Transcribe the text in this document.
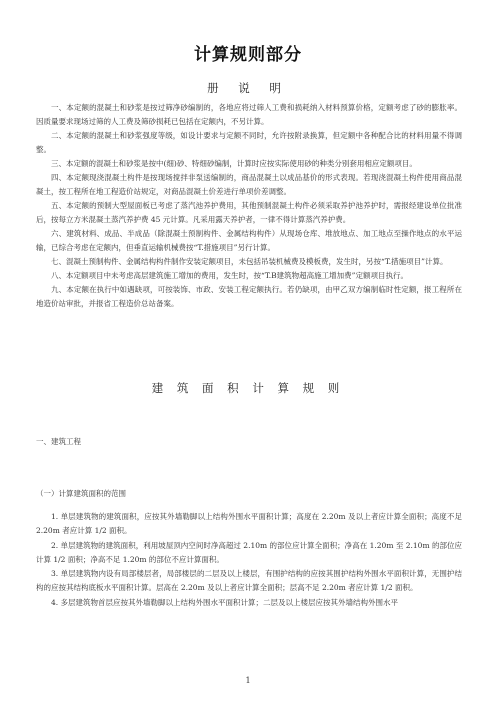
计算规则部分
册 说 明

一、本定额的混凝土和砂浆是按过筛净砂编制的，各地应将过筛人工费和损耗纳入材料预算价格，定额考虑了砂的膨胀率。因质量要求现场过筛的人工费及筛砂损耗已包括在定额内，不另计算。

二、本定额的混凝土和砂浆强度等级，如设计要求与定额不同时，允许按附录换算，但定额中各种配合比的材料用量不得调整。

三、本定额的混凝土和砂浆是按中(细)砂、特细砂编制，计算时应按实际使用砂的种类分别套用相应定额项目。

四、本定额现浇混凝土构件是按现场搅拌非泵送编制的，商品混凝土以成品基价的形式表现。若现浇混凝土构件使用商品混凝土，按工程所在地工程造价站规定，对商品混凝土价差进行单项价差调整。

五、本定额的预制大型屋面板已考虑了蒸汽池养护费用，其他预制混凝土构件必须采取养护池养护时，需报经建设单位批准后，按每立方米混凝土蒸汽养护费 45 元计算。凡采用露天养护者，一律不得计算蒸汽养护费。

六、建筑材料、成品、半成品（除混凝土预制构件、金属结构构件）从现场仓库、堆放地点、加工地点至操作地点的水平运输，已综合考虑在定额内，但垂直运输机械费按“T.措施项目”另行计算。

七、混凝土预制构件、金属结构构件制作安装定额项目，未包括吊装机械费及模板费，发生时，另按“T.措施项目”计算。

八、本定额项目中未考虑高层建筑施工增加的费用，发生时，按“T.B建筑物超高施工增加费”定额项目执行。

九、本定额在执行中如遇缺项，可按装饰、市政、安装工程定额执行。若仍缺项，由甲乙双方编制临时性定额，报工程所在地造价站审批，并报省工程造价总站备案。

建 筑 面 积 计 算 规 则
一、建筑工程
（一）计算建筑面积的范围

1. 单层建筑物的建筑面积，应按其外墙勒脚以上结构外围水平面积计算；高度在 2.20m 及以上者应计算全面积；高度不足 2.20m 者应计算 1/2 面积。

2. 单层建筑物的建筑面积，利用坡屋顶内空间时净高超过 2.10m 的部位应计算全面积；净高在 1.20m 至 2.10m 的部位应计算 1/2 面积；净高不足 1.20m 的部位不应计算面积。

3. 单层建筑物内设有局部楼层者，局部楼层的二层及以上楼层，有围护结构的应按其围护结构外围水平面积计算，无围护结构的应按其结构底板水平面积计算。层高在 2.20m 及以上者应计算全面积；层高不足 2.20m 者应计算 1/2 面积。

4. 多层建筑物首层应按其外墙勒脚以上结构外围水平面积计算；二层及以上楼层应按其外墙结构外围水平

1
